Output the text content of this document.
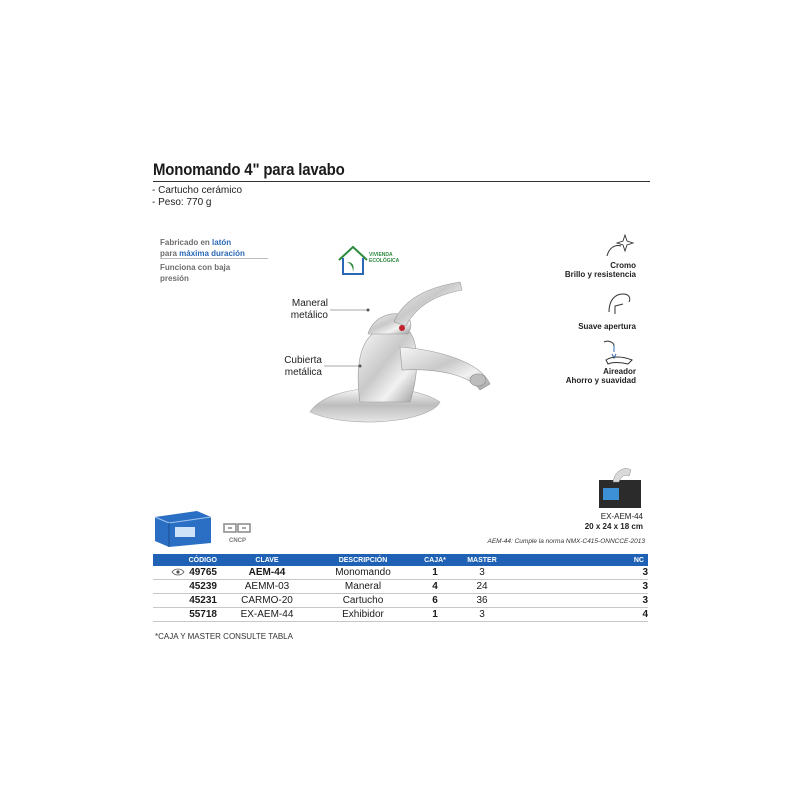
Monomando 4" para lavabo
- Cartucho cerámico
- Peso: 770 g
Fabricado en latón
para máxima duración
Funciona con baja
presión
VIVIENDA
ECOLÓGICA
Maneral
metálico
Cubierta
metálica
Cromo
Brillo y resistencia
Suave apertura
Aireador
Ahorro y suavidad
EX-AEM-44
20 x 24 x 18 cm
AEM-44: Cumple la norma NMX-C415-ONNCCE-2013
CNCP
CÓDIGO	CLAVE	DESCRIPCIÓN	CAJA*	MASTER	NC
49765	AEM-44	Monomando	1	3	3
45239	AEMM-03	Maneral	4	24	3
45231	CARMO-20	Cartucho	6	36	3
55718	EX-AEM-44	Exhibidor	1	3	4
*CAJA Y MASTER CONSULTE TABLA
